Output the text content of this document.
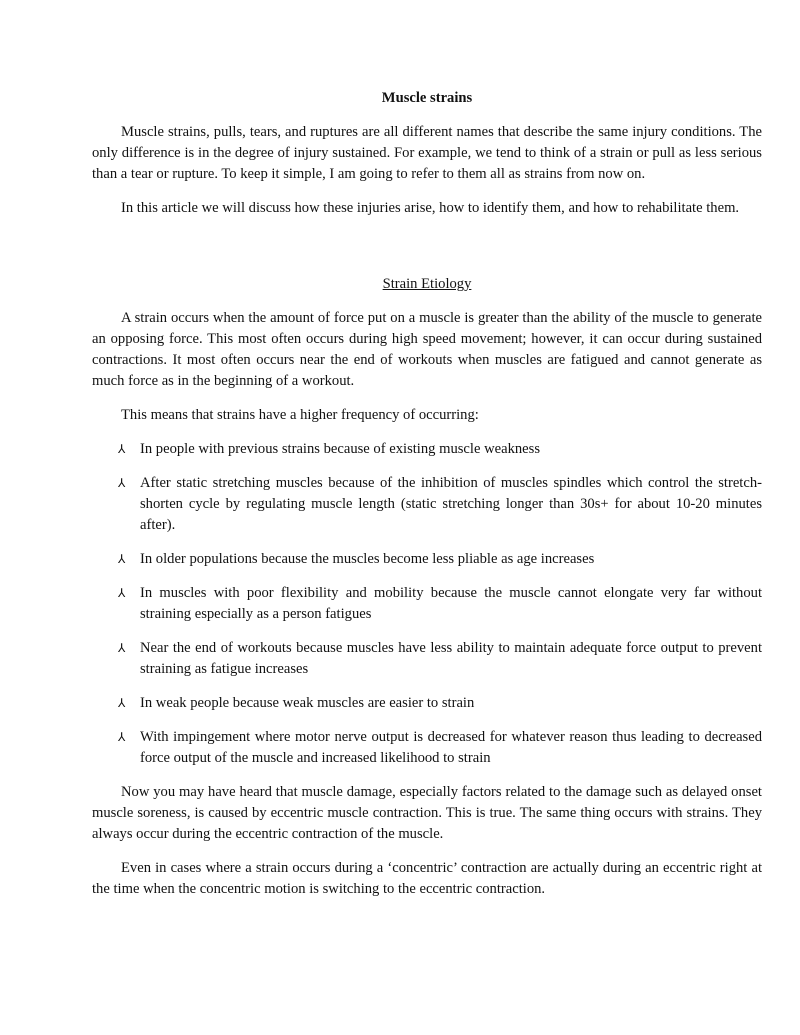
Muscle strains

Muscle strains, pulls, tears, and ruptures are all different names that describe the same injury conditions. The only difference is in the degree of injury sustained. For example, we tend to think of a strain or pull as less serious than a tear or rupture. To keep it simple, I am going to refer to them all as strains from now on.

In this article we will discuss how these injuries arise, how to identify them, and how to rehabilitate them.

Strain Etiology

A strain occurs when the amount of force put on a muscle is greater than the ability of the muscle to generate an opposing force. This most often occurs during high speed movement; however, it can occur during sustained contractions. It most often occurs near the end of workouts when muscles are fatigued and cannot generate as much force as in the beginning of a workout.

This means that strains have a higher frequency of occurring:

⅄	In people with previous strains because of existing muscle weakness
⅄	After static stretching muscles because of the inhibition of muscles spindles which control the stretch-shorten cycle by regulating muscle length (static stretching longer than 30s+ for about 10-20 minutes after).
⅄	In older populations because the muscles become less pliable as age increases
⅄	In muscles with poor flexibility and mobility because the muscle cannot elongate very far without straining especially as a person fatigues
⅄	Near the end of workouts because muscles have less ability to maintain adequate force output to prevent straining as fatigue increases
⅄	In weak people because weak muscles are easier to strain
⅄	With impingement where motor nerve output is decreased for whatever reason thus leading to decreased force output of the muscle and increased likelihood to strain

Now you may have heard that muscle damage, especially factors related to the damage such as delayed onset muscle soreness, is caused by eccentric muscle contraction. This is true. The same thing occurs with strains. They always occur during the eccentric contraction of the muscle.

Even in cases where a strain occurs during a ‘concentric’ contraction are actually during an eccentric right at the time when the concentric motion is switching to the eccentric contraction.
